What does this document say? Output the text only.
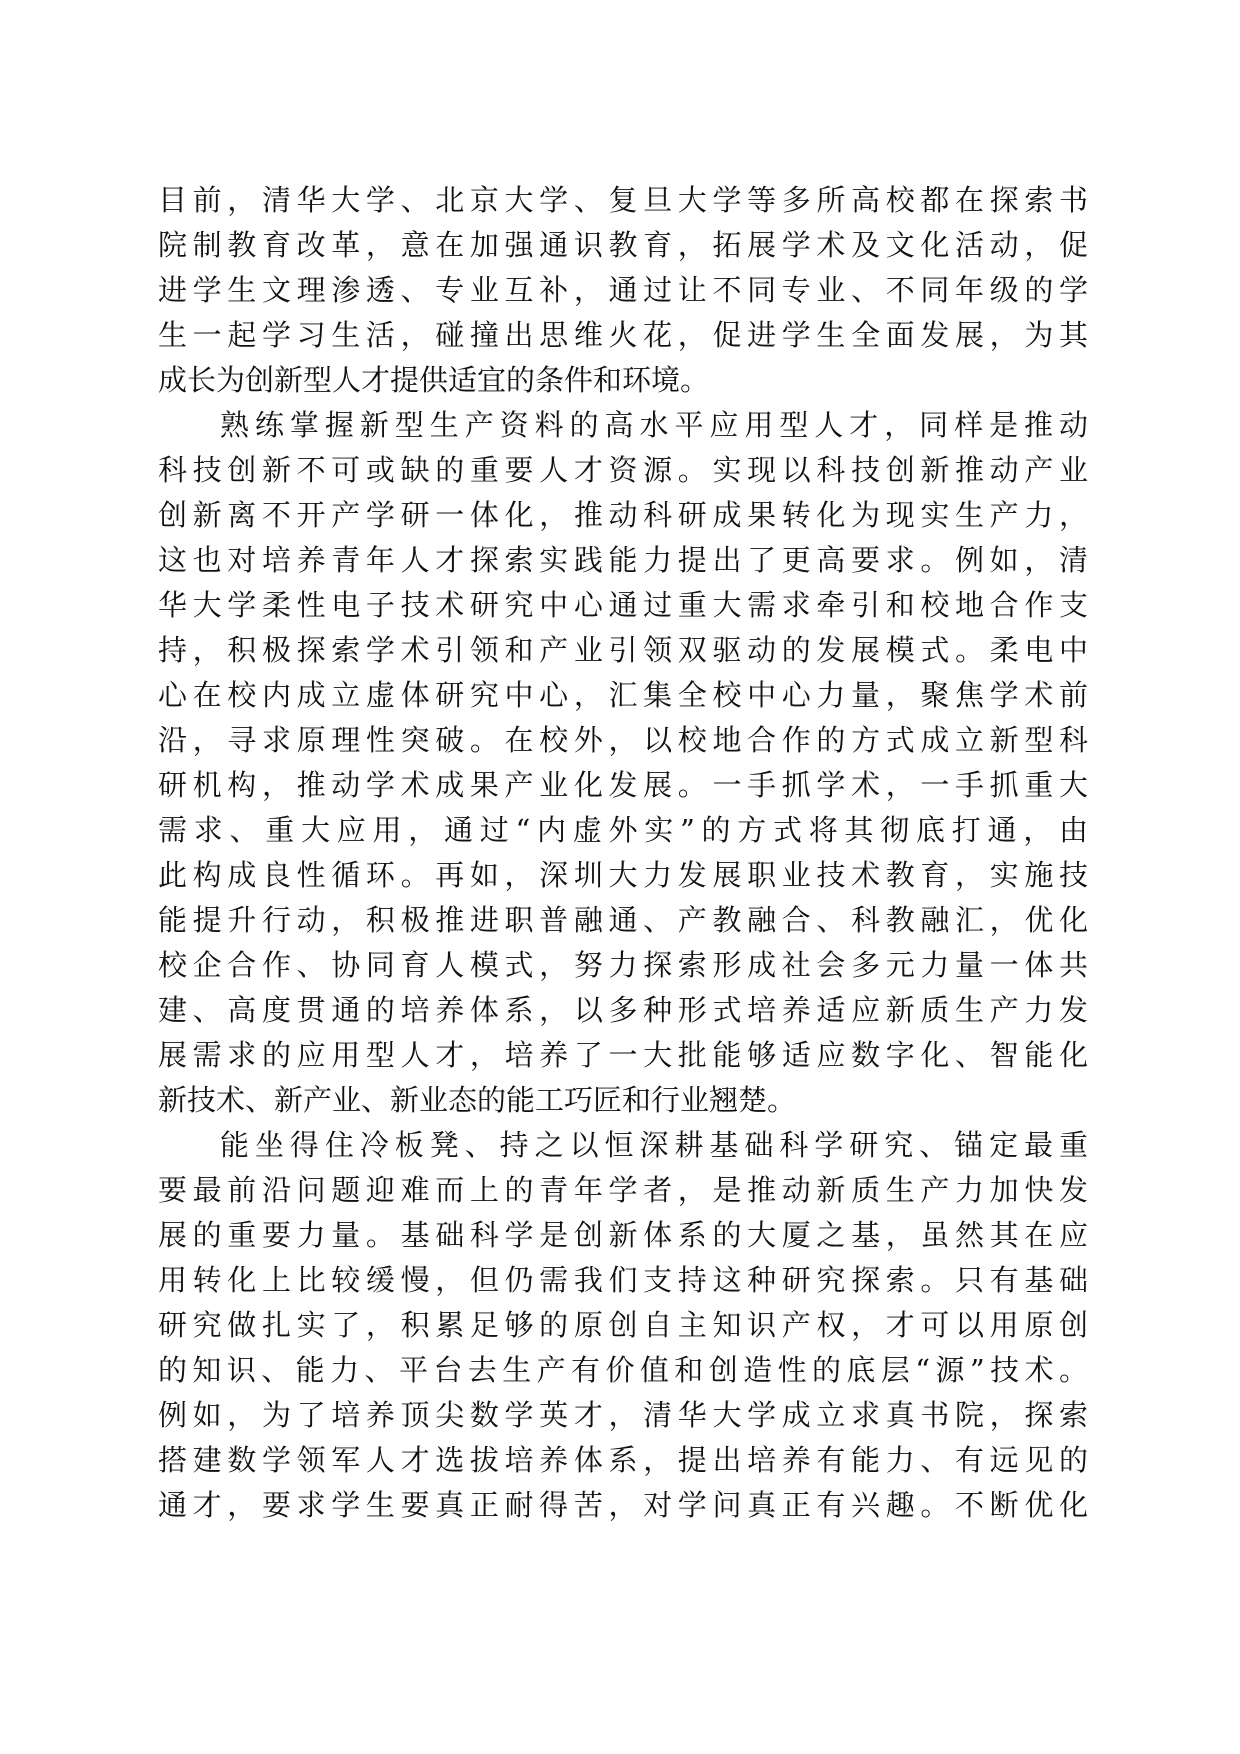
目前，清华大学、北京大学、复旦大学等多所高校都在探索书
院制教育改革，意在加强通识教育，拓展学术及文化活动，促
进学生文理渗透、专业互补，通过让不同专业、不同年级的学
生一起学习生活，碰撞出思维火花，促进学生全面发展，为其
成长为创新型人才提供适宜的条件和环境。
熟练掌握新型生产资料的高水平应用型人才，同样是推动
科技创新不可或缺的重要人才资源。实现以科技创新推动产业
创新离不开产学研一体化，推动科研成果转化为现实生产力，
这也对培养青年人才探索实践能力提出了更高要求。例如，清
华大学柔性电子技术研究中心通过重大需求牵引和校地合作支
持，积极探索学术引领和产业引领双驱动的发展模式。柔电中
心在校内成立虚体研究中心，汇集全校中心力量，聚焦学术前
沿，寻求原理性突破。在校外，以校地合作的方式成立新型科
研机构，推动学术成果产业化发展。一手抓学术，一手抓重大
需求、重大应用，通过“内虚外实”的方式将其彻底打通，由
此构成良性循环。再如，深圳大力发展职业技术教育，实施技
能提升行动，积极推进职普融通、产教融合、科教融汇，优化
校企合作、协同育人模式，努力探索形成社会多元力量一体共
建、高度贯通的培养体系，以多种形式培养适应新质生产力发
展需求的应用型人才，培养了一大批能够适应数字化、智能化
新技术、新产业、新业态的能工巧匠和行业翘楚。
能坐得住冷板凳、持之以恒深耕基础科学研究、锚定最重
要最前沿问题迎难而上的青年学者，是推动新质生产力加快发
展的重要力量。基础科学是创新体系的大厦之基，虽然其在应
用转化上比较缓慢，但仍需我们支持这种研究探索。只有基础
研究做扎实了，积累足够的原创自主知识产权，才可以用原创
的知识、能力、平台去生产有价值和创造性的底层“源”技术。
例如，为了培养顶尖数学英才，清华大学成立求真书院，探索
搭建数学领军人才选拔培养体系，提出培养有能力、有远见的
通才，要求学生要真正耐得苦，对学问真正有兴趣。不断优化
